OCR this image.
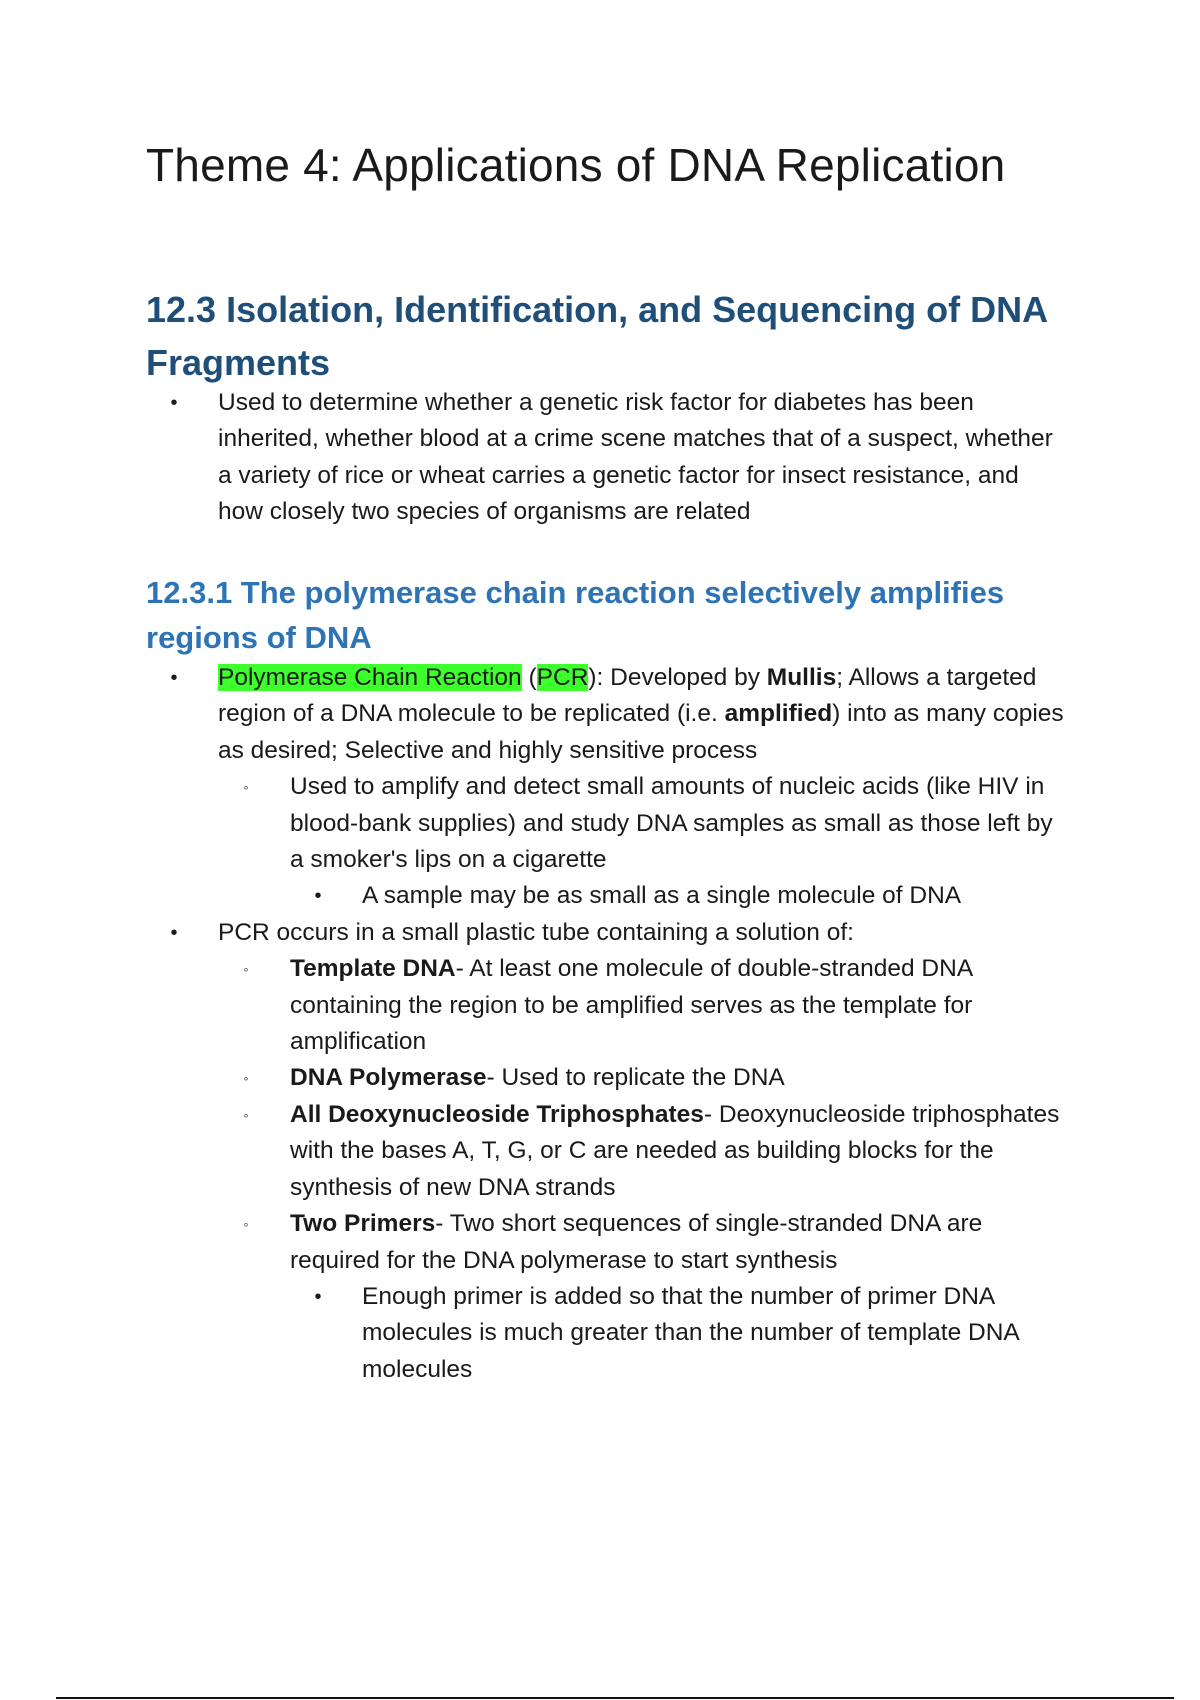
Theme 4: Applications of DNA Replication
12.3 Isolation, Identification, and Sequencing of DNA Fragments
• Used to determine whether a genetic risk factor for diabetes has been inherited, whether blood at a crime scene matches that of a suspect, whether a variety of rice or wheat carries a genetic factor for insect resistance, and how closely two species of organisms are related
12.3.1 The polymerase chain reaction selectively amplifies regions of DNA
• Polymerase Chain Reaction (PCR): Developed by Mullis; Allows a targeted region of a DNA molecule to be replicated (i.e. amplified) into as many copies as desired; Selective and highly sensitive process
◦	Used to amplify and detect small amounts of nucleic acids (like HIV in blood-bank supplies) and study DNA samples as small as those left by a smoker's lips on a cigarette
• A sample may be as small as a single molecule of DNA
• PCR occurs in a small plastic tube containing a solution of:
◦	Template DNA- At least one molecule of double-stranded DNA containing the region to be amplified serves as the template for amplification
◦	DNA Polymerase- Used to replicate the DNA
◦	All Deoxynucleoside Triphosphates- Deoxynucleoside triphosphates with the bases A, T, G, or C are needed as building blocks for the synthesis of new DNA strands
◦	Two Primers- Two short sequences of single-stranded DNA are required for the DNA polymerase to start synthesis
• Enough primer is added so that the number of primer DNA molecules is much greater than the number of template DNA molecules
